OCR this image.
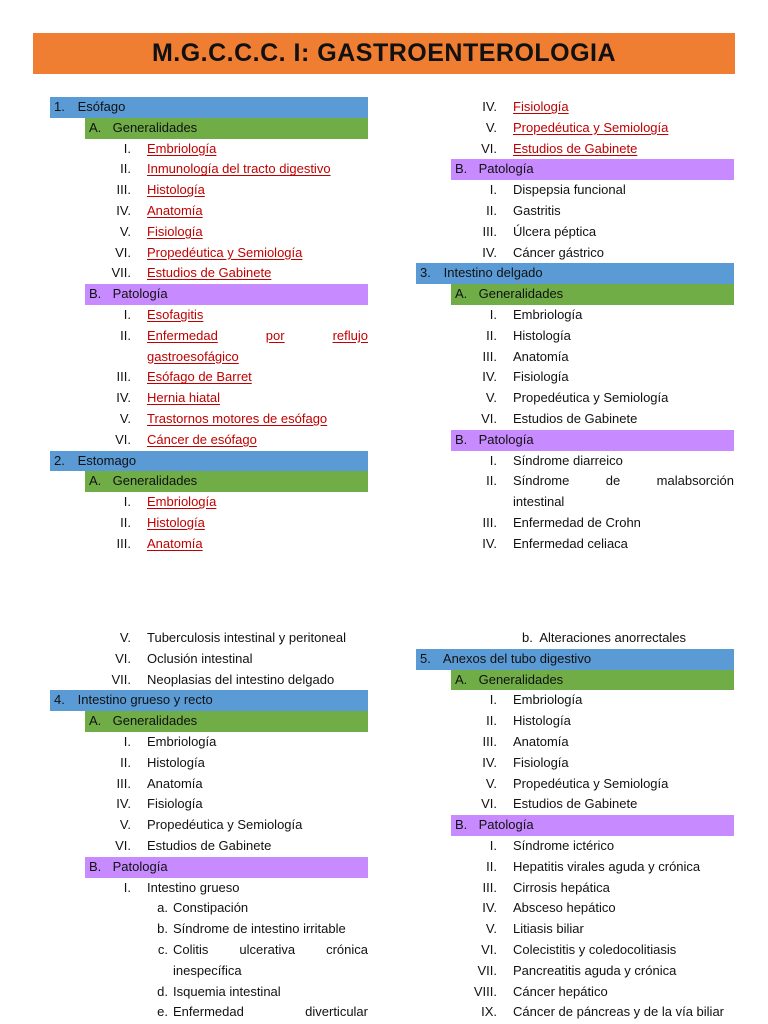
M.G.C.C.C. I: GASTROENTEROLOGIA
1. Esófago
A. Generalidades
I. Embriología
II. Inmunología del tracto digestivo
III. Histología
IV. Anatomía
V. Fisiología
VI. Propedéutica y Semiología
VII. Estudios de Gabinete
B. Patología
I. Esofagitis
II. Enfermedad	por	reflujo
gastroesofágico
III. Esófago de Barret
IV. Hernia hiatal
V. Trastornos motores de esófago
VI. Cáncer de esófago
2. Estomago
A. Generalidades
I. Embriología
II. Histología
III. Anatomía
IV. Fisiología
V. Propedéutica y Semiología
VI. Estudios de Gabinete
B. Patología
I. Dispepsia funcional
II. Gastritis
III. Úlcera péptica
IV. Cáncer gástrico
3. Intestino delgado
A. Generalidades
I. Embriología
II. Histología
III. Anatomía
IV. Fisiología
V. Propedéutica y Semiología
VI. Estudios de Gabinete
B. Patología
I. Síndrome diarreico
II. Síndrome	de	malabsorción
intestinal
III. Enfermedad de Crohn
IV. Enfermedad celiaca
V. Tuberculosis intestinal y peritoneal
VI. Oclusión intestinal
VII. Neoplasias del intestino delgado
4. Intestino grueso y recto
A. Generalidades
I. Embriología
II. Histología
III. Anatomía
IV. Fisiología
V. Propedéutica y Semiología
VI. Estudios de Gabinete
B. Patología
I. Intestino grueso
a. Constipación
b. Síndrome de intestino irritable
c. Colitis ulcerativa crónica
inespecífica
d. Isquemia intestinal
e. Enfermedad	diverticular
b.  Alteraciones anorrectales
5. Anexos del tubo digestivo
A. Generalidades
I. Embriología
II. Histología
III. Anatomía
IV. Fisiología
V. Propedéutica y Semiología
VI. Estudios de Gabinete
B. Patología
I. Síndrome ictérico
II. Hepatitis virales aguda y crónica
III. Cirrosis hepática
IV. Absceso hepático
V. Litiasis biliar
VI. Colecistitis y coledocolitiasis
VII. Pancreatitis aguda y crónica
VIII. Cáncer hepático
IX. Cáncer de páncreas y de la vía biliar
